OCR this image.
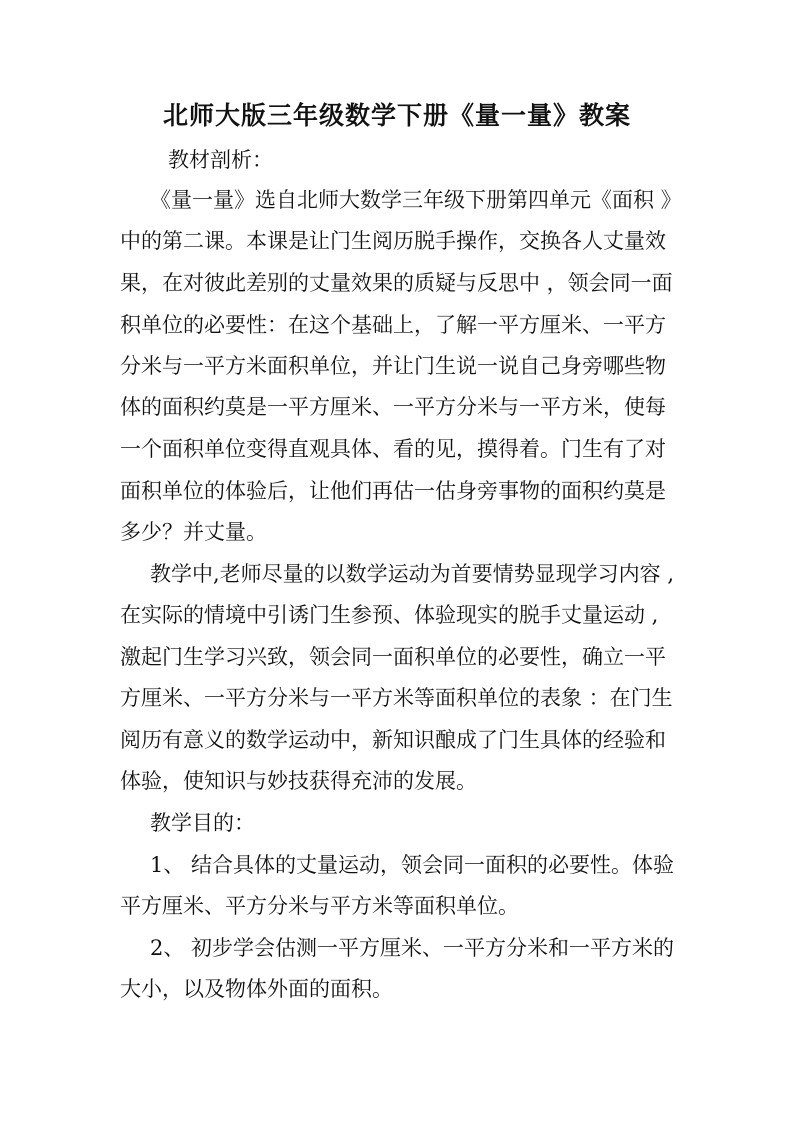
北师大版三年级数学下册《量一量》教案
教材剖析：
《量一量》选自北师大数学三年级下册第四单元《面积 》
中的第二课。本课是让门生阅历脱手操作，交换各人丈量效
果，在对彼此差别的丈量效果的质疑与反思中 ，领会同一面
积单位的必要性：在这个基础上，了解一平方厘米、一平方
分米与一平方米面积单位，并让门生说一说自己身旁哪些物
体的面积约莫是一平方厘米、一平方分米与一平方米，使每
一个面积单位变得直观具体、看的见，摸得着。门生有了对
面积单位的体验后，让他们再估一估身旁事物的面积约莫是
多少？并丈量。
教学中,老师尽量的以数学运动为首要情势显现学习内容 ,
在实际的情境中引诱门生参预、体验现实的脱手丈量运动 ,
激起门生学习兴致，领会同一面积单位的必要性，确立一平
方厘米、一平方分米与一平方米等面积单位的表象 ：在门生
阅历有意义的数学运动中，新知识酿成了门生具体的经验和
体验，使知识与妙技获得充沛的发展。
教学目的：
1、 结合具体的丈量运动，领会同一面积的必要性。体验
平方厘米、平方分米与平方米等面积单位。
2、 初步学会估测一平方厘米、一平方分米和一平方米的
大小，以及物体外面的面积。
